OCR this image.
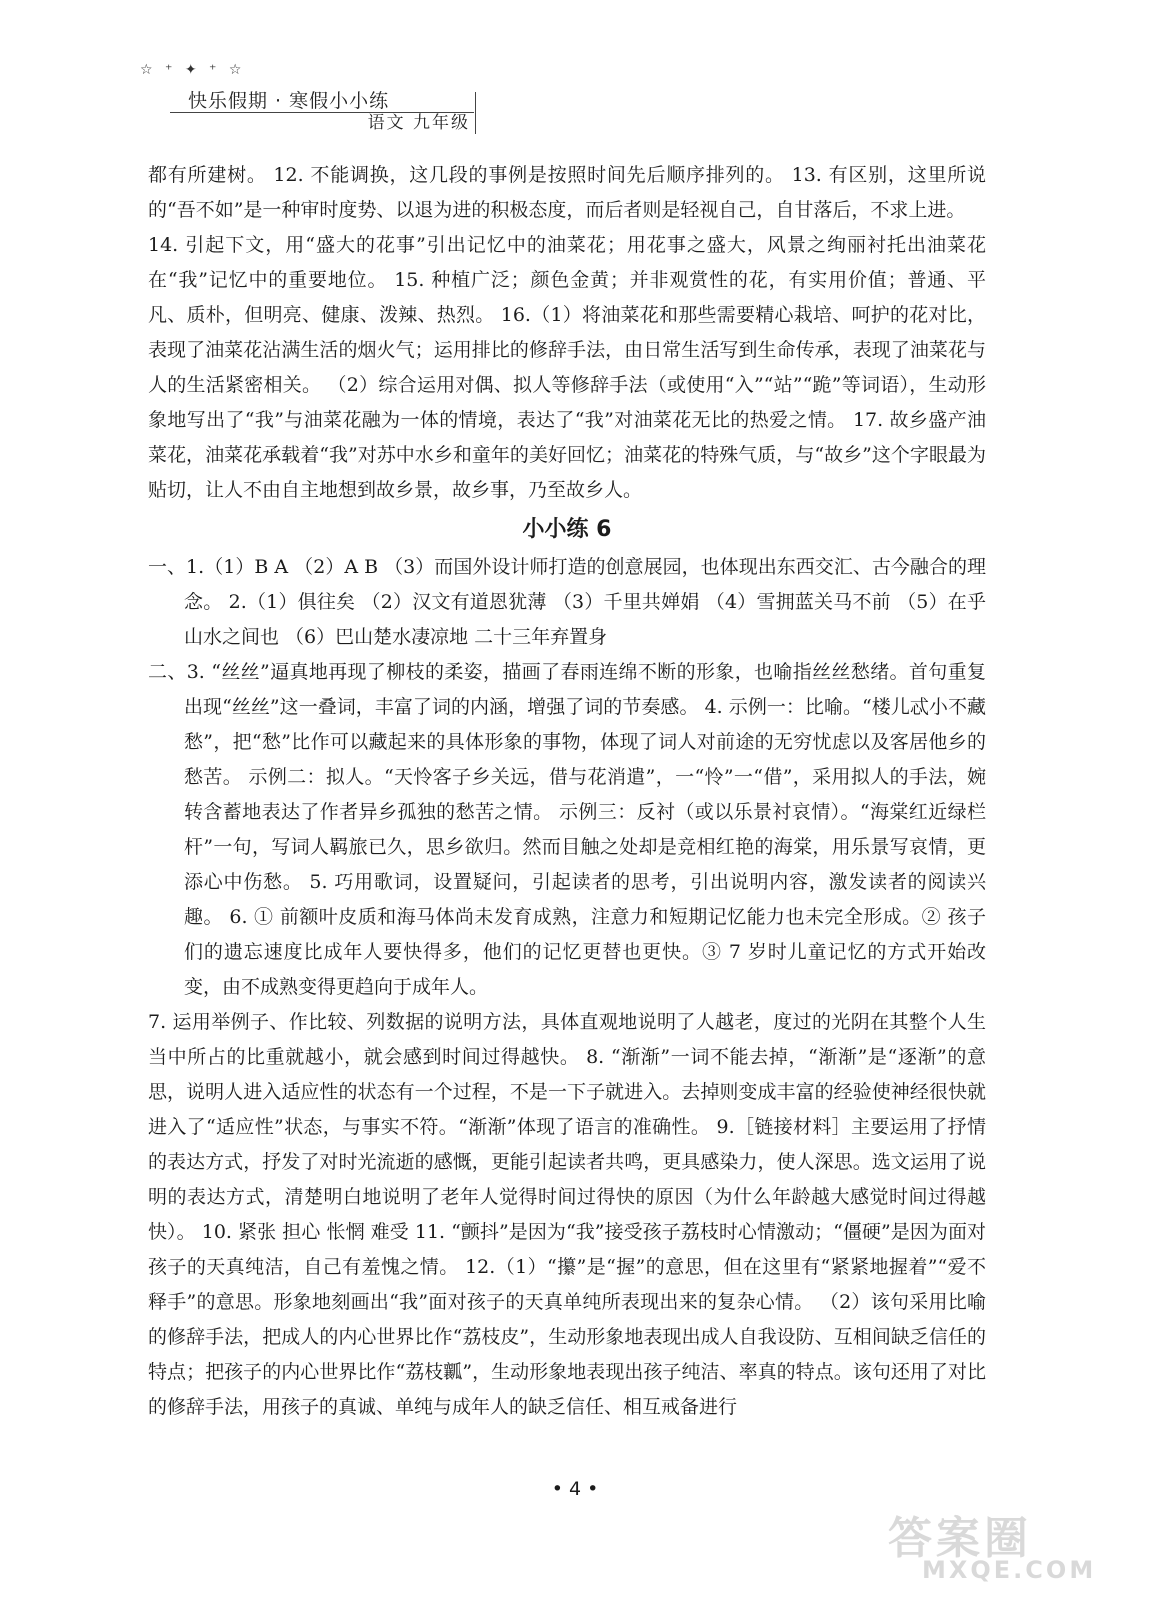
☆ ⁺ ✦ ⁺ ☆
快乐假期 · 寒假小小练
语文 九年级

都有所建树。 12. 不能调换，这几段的事例是按照时间先后顺序排列的。 13. 有区别，这里所说的“吾不如”是一种审时度势、以退为进的积极态度，而后者则是轻视自己，自甘落后，不求上进。

14. 引起下文，用“盛大的花事”引出记忆中的油菜花；用花事之盛大，风景之绚丽衬托出油菜花在“我”记忆中的重要地位。 15. 种植广泛；颜色金黄；并非观赏性的花，有实用价值；普通、平凡、质朴，但明亮、健康、泼辣、热烈。 16.（1）将油菜花和那些需要精心栽培、呵护的花对比，表现了油菜花沾满生活的烟火气；运用排比的修辞手法，由日常生活写到生命传承，表现了油菜花与人的生活紧密相关。 （2）综合运用对偶、拟人等修辞手法（或使用“入”“站”“跪”等词语），生动形象地写出了“我”与油菜花融为一体的情境，表达了“我”对油菜花无比的热爱之情。 17. 故乡盛产油菜花，油菜花承载着“我”对苏中水乡和童年的美好回忆；油菜花的特殊气质，与“故乡”这个字眼最为贴切，让人不由自主地想到故乡景，故乡事，乃至故乡人。

小小练 6

一、1.（1）B A （2）A B （3）而国外设计师打造的创意展园，也体现出东西交汇、古今融合的理念。 2.（1）俱往矣 （2）汉文有道恩犹薄 （3）千里共婵娟 （4）雪拥蓝关马不前 （5）在乎山水之间也 （6）巴山楚水凄凉地 二十三年弃置身

二、3. “丝丝”逼真地再现了柳枝的柔姿，描画了春雨连绵不断的形象，也喻指丝丝愁绪。首句重复出现“丝丝”这一叠词，丰富了词的内涵，增强了词的节奏感。 4. 示例一：比喻。“楼儿忒小不藏愁”，把“愁”比作可以藏起来的具体形象的事物，体现了词人对前途的无穷忧虑以及客居他乡的愁苦。 示例二：拟人。“天怜客子乡关远，借与花消遣”，一“怜”一“借”，采用拟人的手法，婉转含蓄地表达了作者异乡孤独的愁苦之情。 示例三：反衬（或以乐景衬哀情）。“海棠红近绿栏杆”一句，写词人羁旅已久，思乡欲归。然而目触之处却是竞相红艳的海棠，用乐景写哀情，更添心中伤愁。 5. 巧用歌词，设置疑问，引起读者的思考，引出说明内容，激发读者的阅读兴趣。 6. ① 前额叶皮质和海马体尚未发育成熟，注意力和短期记忆能力也未完全形成。② 孩子们的遗忘速度比成年人要快得多，他们的记忆更替也更快。③ 7 岁时儿童记忆的方式开始改变，由不成熟变得更趋向于成年人。

7. 运用举例子、作比较、列数据的说明方法，具体直观地说明了人越老，度过的光阴在其整个人生当中所占的比重就越小，就会感到时间过得越快。 8. “渐渐”一词不能去掉，“渐渐”是“逐渐”的意思，说明人进入适应性的状态有一个过程，不是一下子就进入。去掉则变成丰富的经验使神经很快就进入了“适应性”状态，与事实不符。“渐渐”体现了语言的准确性。 9.［链接材料］主要运用了抒情的表达方式，抒发了对时光流逝的感慨，更能引起读者共鸣，更具感染力，使人深思。选文运用了说明的表达方式，清楚明白地说明了老年人觉得时间过得快的原因（为什么年龄越大感觉时间过得越快）。 10. 紧张 担心 怅惘 难受 11. “颤抖”是因为“我”接受孩子荔枝时心情激动；“僵硬”是因为面对孩子的天真纯洁，自己有羞愧之情。 12.（1）“攥”是“握”的意思，但在这里有“紧紧地握着”“爱不释手”的意思。形象地刻画出“我”面对孩子的天真单纯所表现出来的复杂心情。 （2）该句采用比喻的修辞手法，把成人的内心世界比作“荔枝皮”，生动形象地表现出成人自我设防、互相间缺乏信任的特点；把孩子的内心世界比作“荔枝瓤”，生动形象地表现出孩子纯洁、率真的特点。该句还用了对比的修辞手法，用孩子的真诚、单纯与成年人的缺乏信任、相互戒备进行

• 4 •
答案圈
MXQE.COM
